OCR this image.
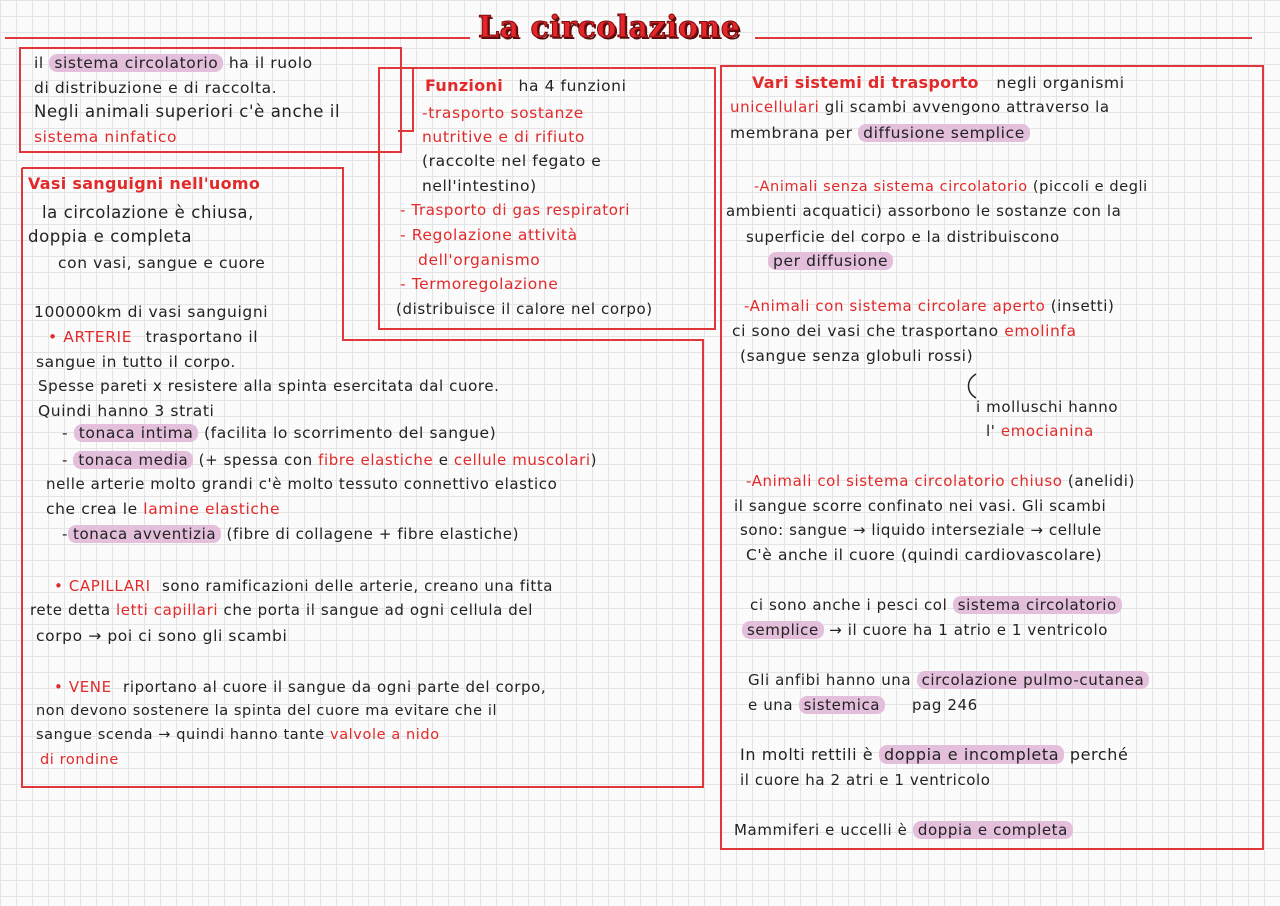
La circolazione
il sistema circolatorio ha il ruolo
di distribuzione e di raccolta.
Negli animali superiori c'è anche il
sistema ninfatico
Funzioni ha 4 funzioni
-trasporto sostanze
nutritive e di rifiuto
(raccolte nel fegato e
nell'intestino)
- Trasporto di gas respiratori
- Regolazione attività
dell'organismo
- Termoregolazione
(distribuisce il calore nel corpo)
Vasi sanguigni nell'uomo
la circolazione è chiusa,
doppia e completa
con vasi, sangue e cuore
100000km di vasi sanguigni
• ARTERIE trasportano il
sangue in tutto il corpo.
Spesse pareti x resistere alla spinta esercitata dal cuore.
Quindi hanno 3 strati
- tonaca intima (facilita lo scorrimento del sangue)
- tonaca media (+ spessa con fibre elastiche e cellule muscolari)
nelle arterie molto grandi c'è molto tessuto connettivo elastico
che crea le lamine elastiche
- tonaca avventizia (fibre di collagene + fibre elastiche)
• CAPILLARI sono ramificazioni delle arterie, creano una fitta
rete detta letti capillari che porta il sangue ad ogni cellula del
corpo → poi ci sono gli scambi
• VENE riportano al cuore il sangue da ogni parte del corpo,
non devono sostenere la spinta del cuore ma evitare che il
sangue scenda → quindi hanno tante valvole a nido
di rondine
Vari sistemi di trasporto negli organismi
unicellulari gli scambi avvengono attraverso la
membrana per diffusione semplice
-Animali senza sistema circolatorio (piccoli e degli
ambienti acquatici) assorbono le sostanze con la
superficie del corpo e la distribuiscono
per diffusione
-Animali con sistema circolare aperto (insetti)
ci sono dei vasi che trasportano emolinfa
(sangue senza globuli rossi)
i molluschi hanno
l' emocianina
-Animali col sistema circolatorio chiuso (anelidi)
il sangue scorre confinato nei vasi. Gli scambi
sono: sangue → liquido interseziale → cellule
C'è anche il cuore (quindi cardiovascolare)
ci sono anche i pesci col sistema circolatorio
semplice → il cuore ha 1 atrio e 1 ventricolo
Gli anfibi hanno una circolazione pulmo-cutanea
e una sistemica     pag 246
In molti rettili è doppia e incompleta perché
il cuore ha 2 atri e 1 ventricolo
Mammiferi e uccelli è doppia e completa
